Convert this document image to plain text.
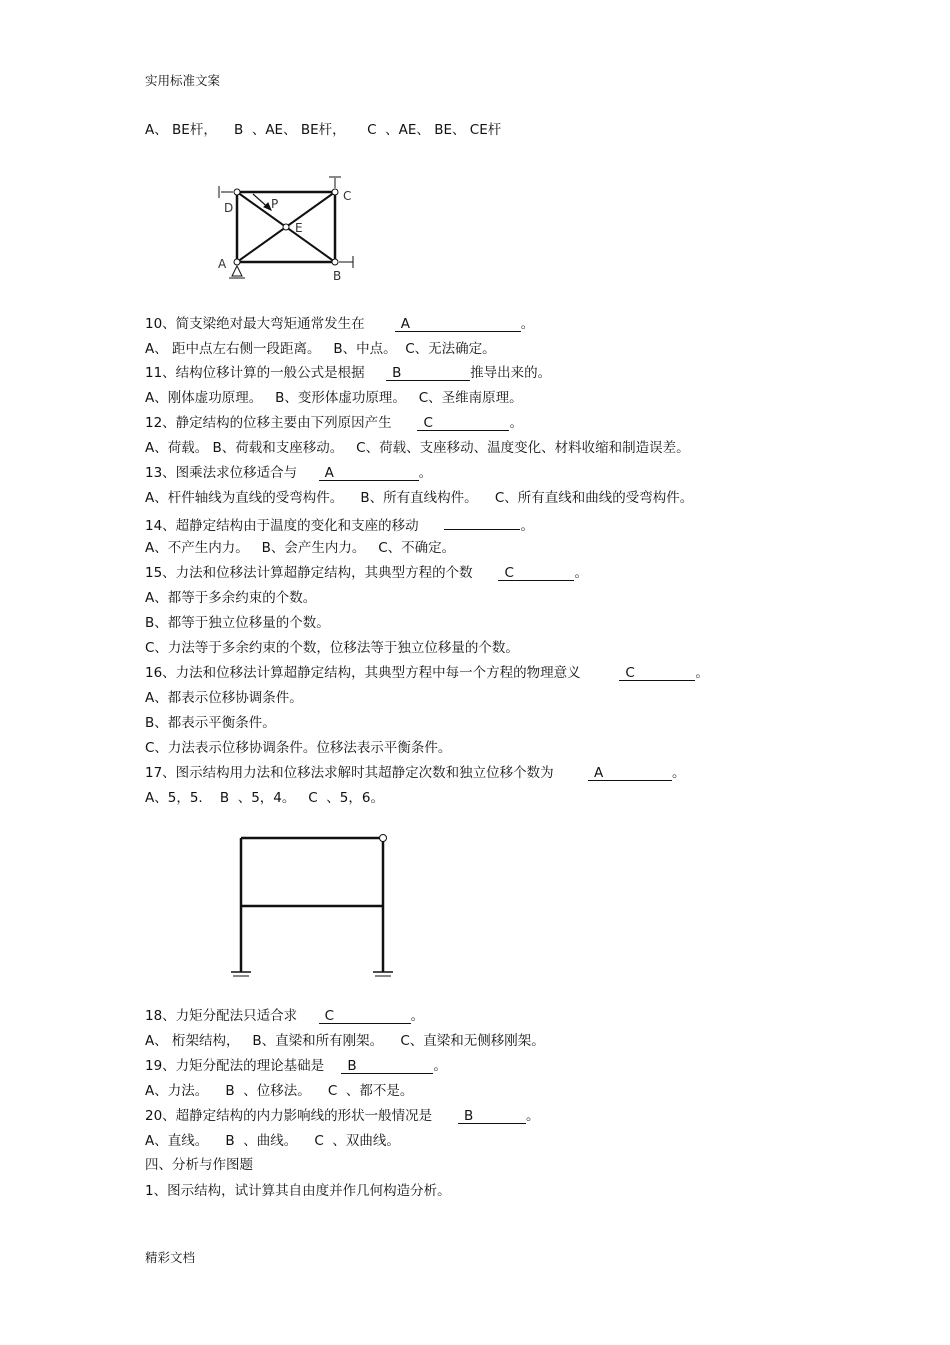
实用标准文案
A、 BE杆，    B  、AE、 BE杆，     C  、AE、 BE、 CE杆
D
C
P
E
A
B
10、简支梁绝对最大弯矩通常发生在	A	。
A、 距中点左右侧一段距离。   B、中点。  C、无法确定。
11、结构位移计算的一般公式是根据 B	推导出来的。
A、刚体虚功原理。   B、变形体虚功原理。   C、圣维南原理。
12、静定结构的位移主要由下列原因产生 C	。
A、荷载。 B、荷载和支座移动。   C、荷载、支座移动、温度变化、材料收缩和制造误差。
13、图乘法求位移适合与 A	。
A、杆件轴线为直线的受弯构件。    B、所有直线构件。    C、所有直线和曲线的受弯构件。
14、超静定结构由于温度的变化和支座的移动	。
A、不产生内力。   B、会产生内力。   C、不确定。
15、力法和位移法计算超静定结构，其典型方程的个数 C	。
A、都等于多余约束的个数。
B、都等于独立位移量的个数。
C、力法等于多余约束的个数，位移法等于独立位移量的个数。
16、力法和位移法计算超静定结构，其典型方程中每一个方程的物理意义	C	。
A、都表示位移协调条件。
B、都表示平衡条件。
C、力法表示位移协调条件。位移法表示平衡条件。
17、图示结构用力法和位移法求解时其超静定次数和独立位移个数为	A	。
A、5，5.    B  、5，4。   C  、5，6。
18、力矩分配法只适合求 C	。
A、 桁架结构，   B、直梁和所有刚架。    C、直梁和无侧移刚架。
19、力矩分配法的理论基础是 B	。
A、力法。    B  、位移法。    C  、都不是。
20、超静定结构的内力影响线的形状一般情况是 B	。
A、直线。    B  、曲线。    C  、双曲线。
四、分析与作图题
1、图示结构，试计算其自由度并作几何构造分析。
精彩文档
